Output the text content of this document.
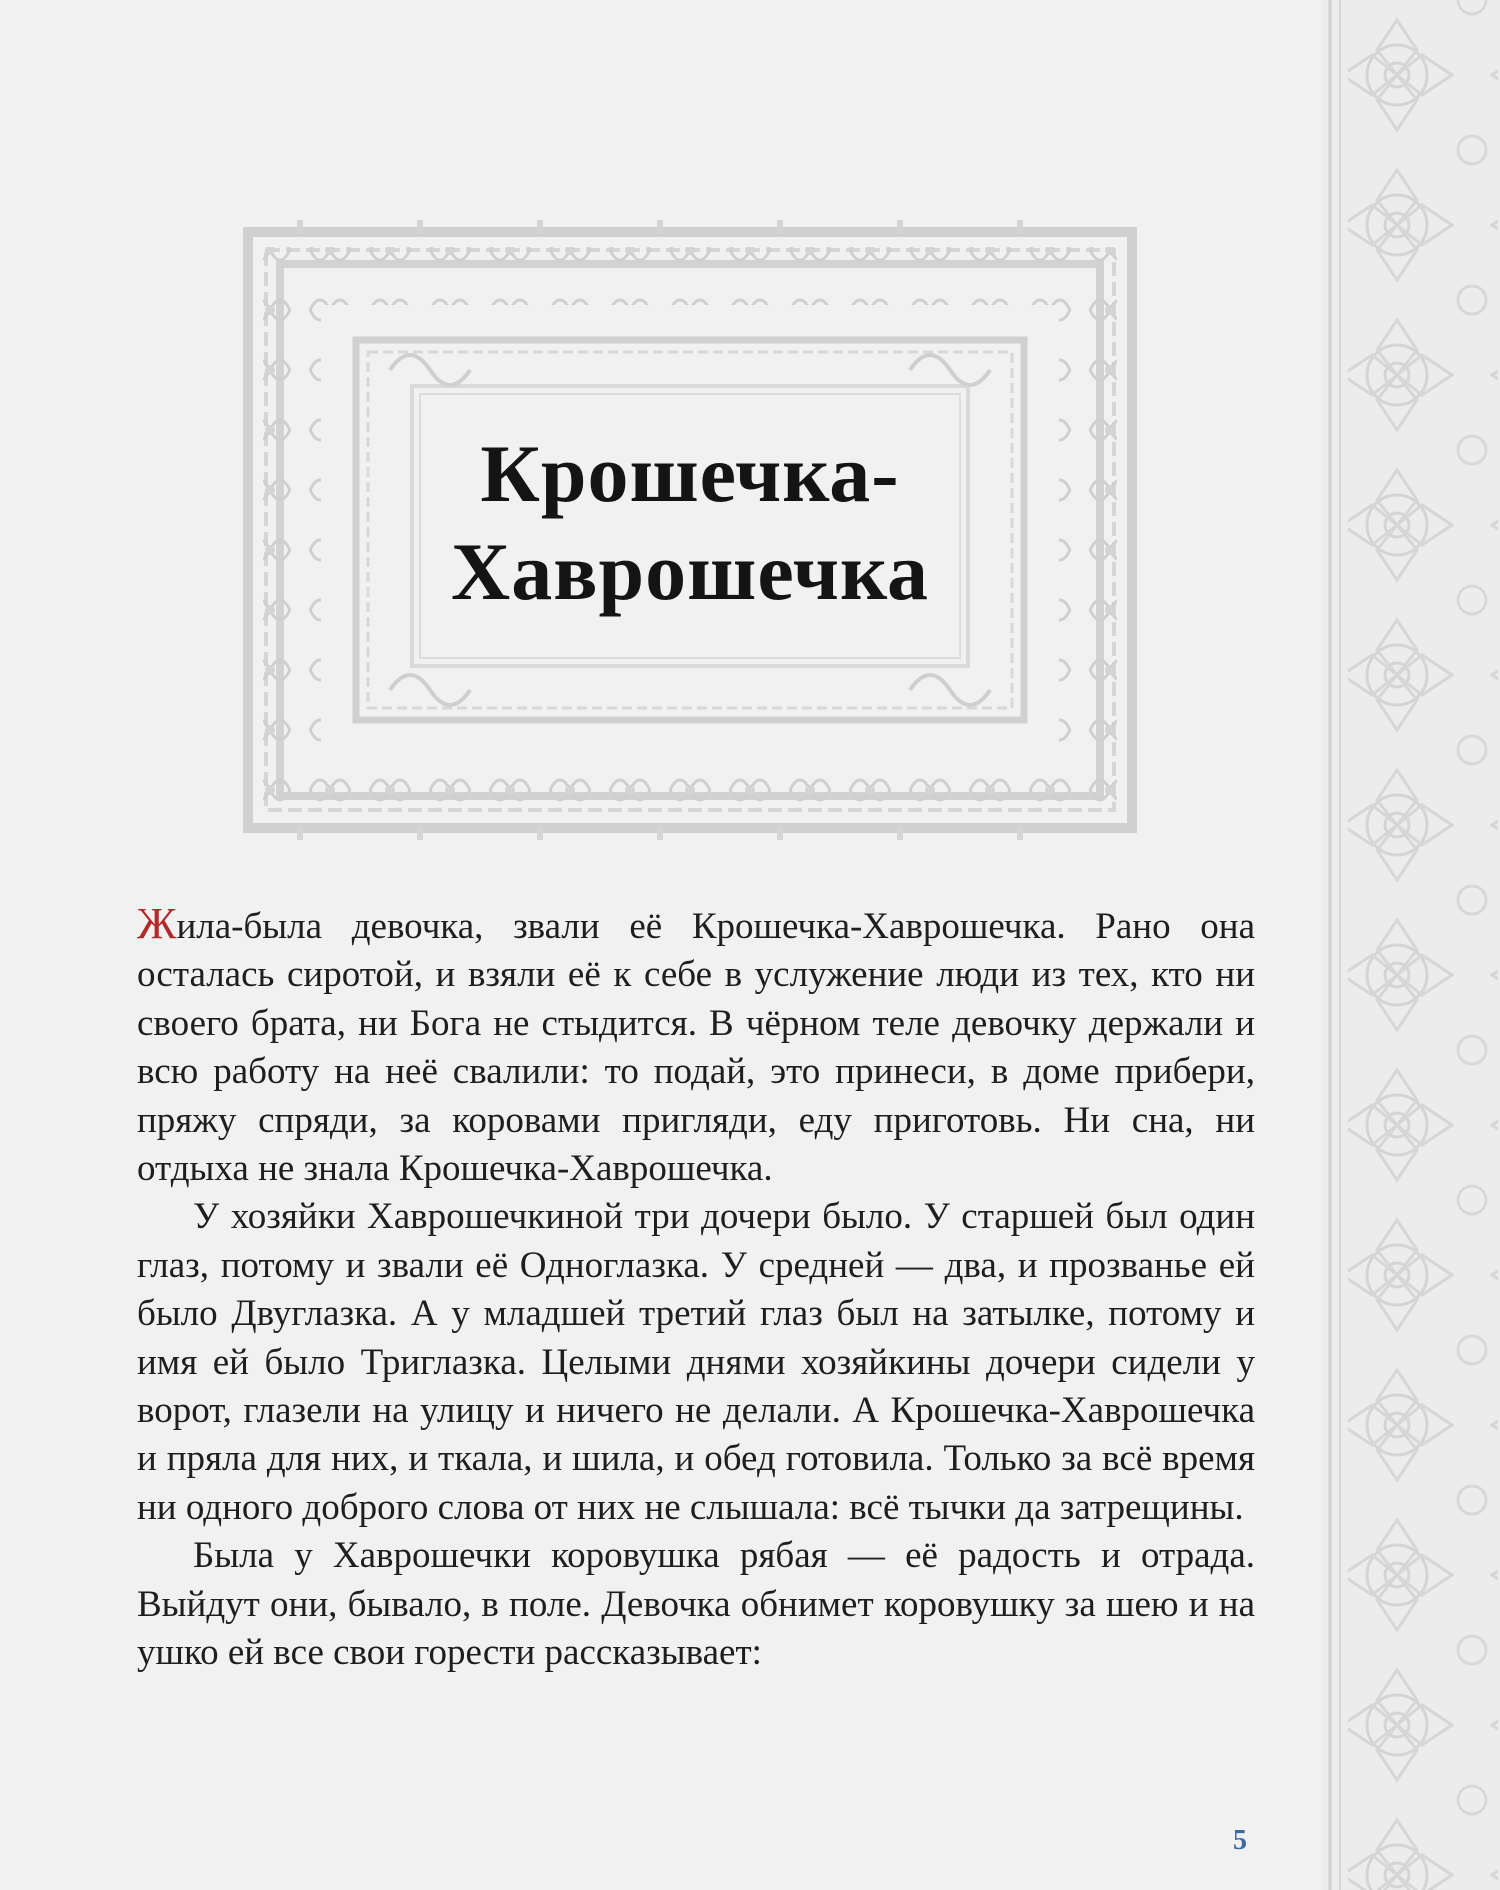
Крошечка-
Хаврошечка

Жила-была девочка, звали её Крошечка-Хаврошечка. Рано она осталась сиротой, и взяли её к себе в услужение люди из тех, кто ни своего брата, ни Бога не стыдится. В чёрном теле девочку держали и всю работу на неё свалили: то подай, это принеси, в доме прибери, пряжу спряди, за коровами пригляди, еду приготовь. Ни сна, ни отдыха не знала Крошечка-Хаврошечка.

У хозяйки Хаврошечкиной три дочери было. У старшей был один глаз, потому и звали её Одноглазка. У средней — два, и прозванье ей было Двуглазка. А у младшей третий глаз был на затылке, потому и имя ей было Триглазка. Целыми днями хозяйкины дочери сидели у ворот, глазели на улицу и ничего не делали. А Крошечка-Хаврошечка и пряла для них, и ткала, и шила, и обед готовила. Только за всё время ни одного доброго слова от них не слышала: всё тычки да затрещины.

Была у Хаврошечки коровушка рябая — её радость и отрада. Выйдут они, бывало, в поле. Девочка обнимет коровушку за шею и на ушко ей все свои горести рассказывает:

5
